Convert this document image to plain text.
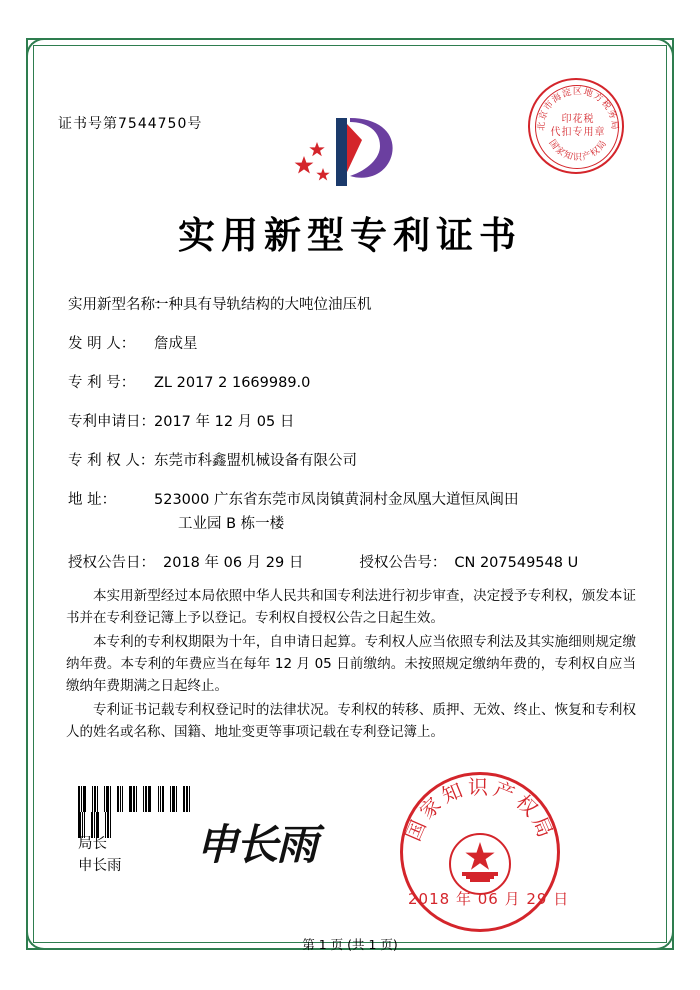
证书号第7544750号	北京市海淀区地方税务局
国家知识产权局
印花税
代扣专用章
实用新型专利证书
实用新型名称：
一种具有导轨结构的大吨位油压机
发 明 人：	詹成星
专 利 号：	ZL 2017 2 1669989.0
专利申请日： 2017 年 12 月 05 日
专 利 权 人： 东莞市科鑫盟机械设备有限公司
地 址：	523000 广东省东莞市凤岗镇黄洞村金凤凰大道恒凤闽田
工业园 B 栋一楼
授权公告日： 2018 年 06 月 29 日	授权公告号： CN 207549548 U

本实用新型经过本局依照中华人民共和国专利法进行初步审查，决定授予专利权，颁发本证书并在专利登记簿上予以登记。专利权自授权公告之日起生效。

本专利的专利权期限为十年，自申请日起算。专利权人应当依照专利法及其实施细则规定缴纳年费。本专利的年费应当在每年 12 月 05 日前缴纳。未按照规定缴纳年费的，专利权自应当缴纳年费期满之日起终止。

专利证书记载专利权登记时的法律状况。专利权的转移、质押、无效、终止、恢复和专利权人的姓名或名称、国籍、地址变更等事项记载在专利登记簿上。

局长
申长雨 申长雨	国家知识产权局
2018 年 06 月 29 日
第 1 页 (共 1 页)
